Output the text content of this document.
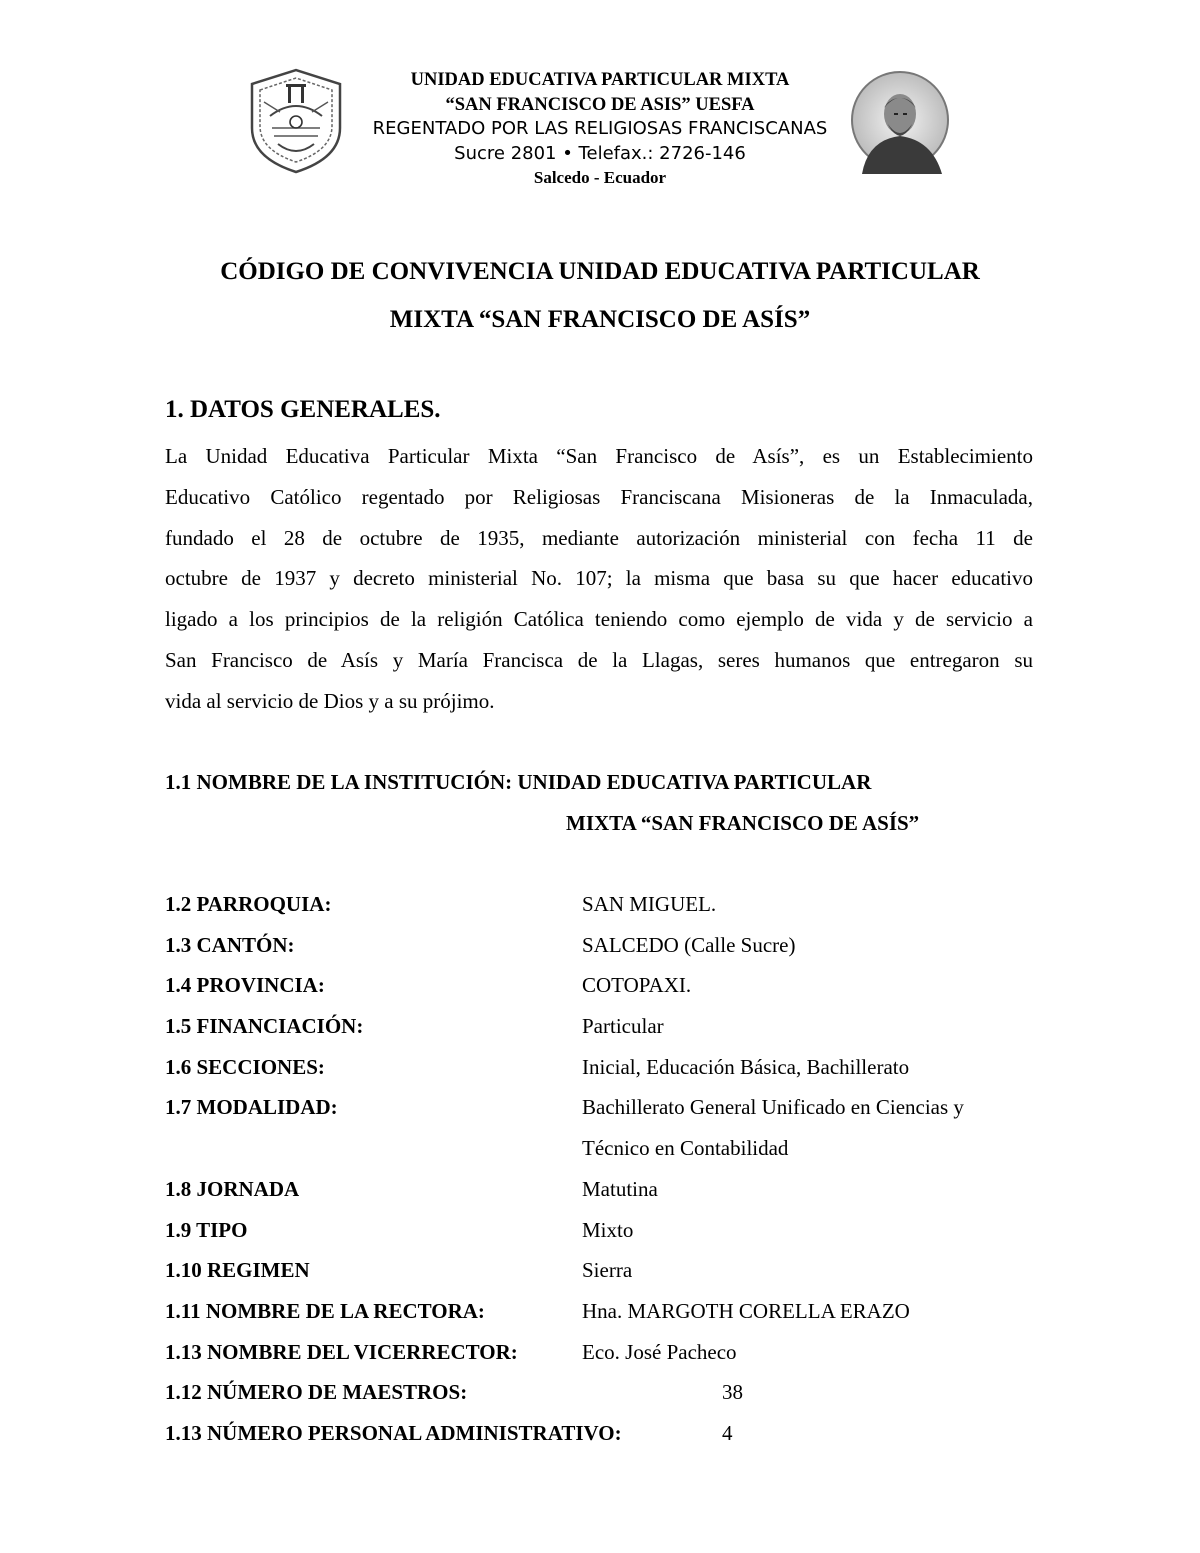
UNIDAD EDUCATIVA PARTICULAR MIXTA
“SAN FRANCISCO DE ASIS” UESFA
REGENTADO POR LAS RELIGIOSAS FRANCISCANAS
Sucre 2801 • Telefax.: 2726-146
Salcedo - Ecuador
CÓDIGO DE CONVIVENCIA UNIDAD EDUCATIVA PARTICULAR
MIXTA “SAN FRANCISCO DE ASÍS”
1. DATOS GENERALES.
La Unidad Educativa Particular Mixta “San Francisco de Asís”, es un Establecimiento
Educativo Católico regentado por Religiosas Franciscana Misioneras de la Inmaculada,
fundado el 28 de octubre de 1935, mediante autorización ministerial con fecha 11 de
octubre de 1937 y decreto ministerial No. 107; la misma que basa su que hacer educativo
ligado a los principios de la religión Católica teniendo como ejemplo de vida y de servicio a
San Francisco de Asís y María Francisca de la Llagas, seres humanos que entregaron su
vida al servicio de Dios y a su prójimo.
1.1 NOMBRE DE LA INSTITUCIÓN: UNIDAD EDUCATIVA PARTICULAR
MIXTA “SAN FRANCISCO DE ASÍS”
1.2 PARROQUIA:	SAN MIGUEL.
1.3 CANTÓN:	SALCEDO (Calle Sucre)
1.4 PROVINCIA:	COTOPAXI.
1.5 FINANCIACIÓN:	Particular
1.6 SECCIONES:	Inicial, Educación Básica, Bachillerato
1.7 MODALIDAD:	Bachillerato General Unificado en Ciencias y
Técnico en Contabilidad
1.8 JORNADA	Matutina
1.9 TIPO	Mixto
1.10 REGIMEN	Sierra
1.11 NOMBRE DE LA RECTORA:	Hna. MARGOTH CORELLA ERAZO
1.13 NOMBRE DEL VICERRECTOR:	Eco. José Pacheco
1.12 NÚMERO DE MAESTROS:	38
1.13 NÚMERO PERSONAL ADMINISTRATIVO:	4
